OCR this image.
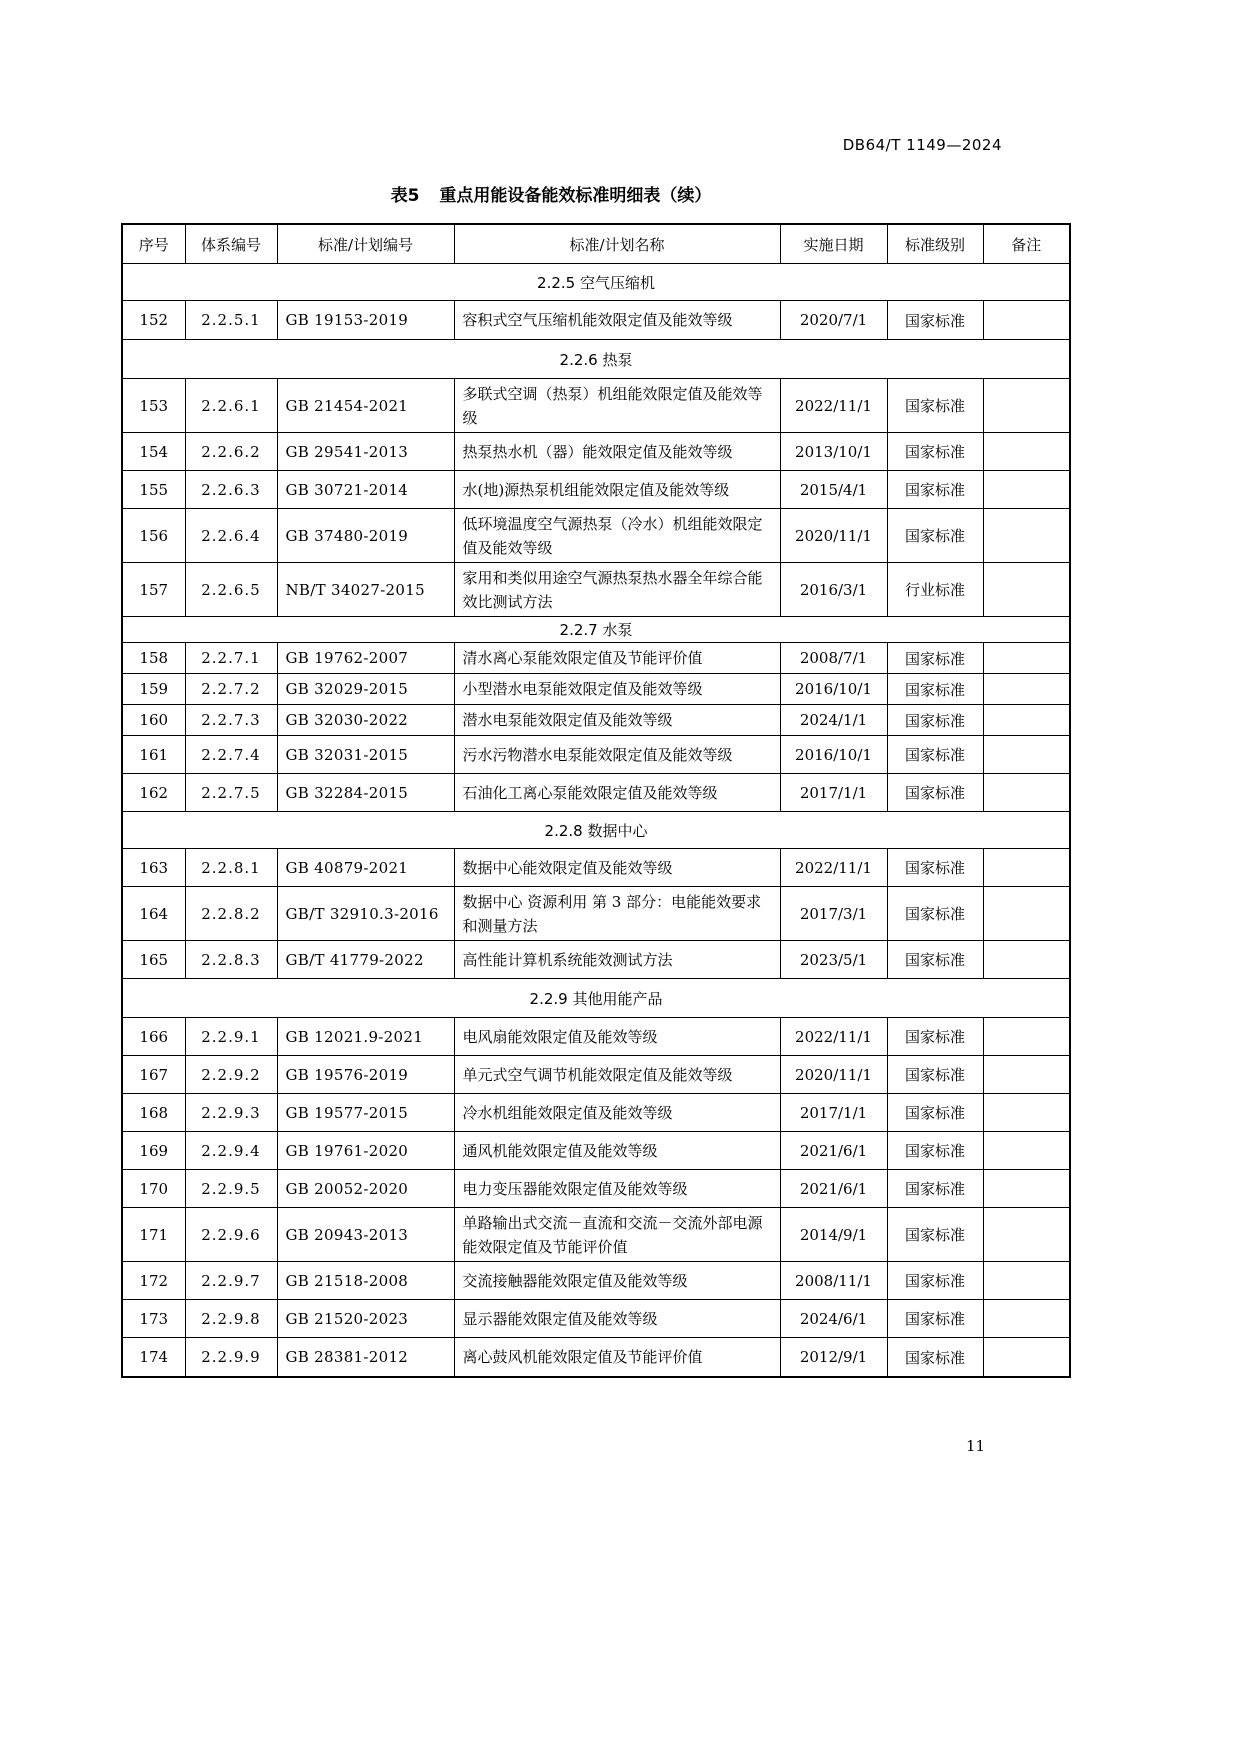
DB64/T 1149—2024
表5 重点用能设备能效标准明细表（续）
序号	体系编号	标准/计划编号	标准/计划名称	实施日期	标准级别	备注
2.2.5 空气压缩机						
152	2.2.5.1	GB 19153-2019	容积式空气压缩机能效限定值及能效等级	2020/7/1	国家标准	
2.2.6 热泵						
153	2.2.6.1	GB 21454-2021	多联式空调（热泵）机组能效限定值及能效等级	2022/11/1	国家标准	
154	2.2.6.2	GB 29541-2013	热泵热水机（器）能效限定值及能效等级	2013/10/1	国家标准	
155	2.2.6.3	GB 30721-2014	水(地)源热泵机组能效限定值及能效等级	2015/4/1	国家标准	
156	2.2.6.4	GB 37480-2019	低环境温度空气源热泵（冷水）机组能效限定值及能效等级	2020/11/1	国家标准	
157	2.2.6.5	NB/T 34027-2015	家用和类似用途空气源热泵热水器全年综合能效比测试方法	2016/3/1	行业标准	
2.2.7 水泵						
158	2.2.7.1	GB 19762-2007	清水离心泵能效限定值及节能评价值	2008/7/1	国家标准	
159	2.2.7.2	GB 32029-2015	小型潜水电泵能效限定值及能效等级	2016/10/1	国家标准	
160	2.2.7.3	GB 32030-2022	潜水电泵能效限定值及能效等级	2024/1/1	国家标准	
161	2.2.7.4	GB 32031-2015	污水污物潜水电泵能效限定值及能效等级	2016/10/1	国家标准	
162	2.2.7.5	GB 32284-2015	石油化工离心泵能效限定值及能效等级	2017/1/1	国家标准	
2.2.8 数据中心						
163	2.2.8.1	GB 40879-2021	数据中心能效限定值及能效等级	2022/11/1	国家标准	
164	2.2.8.2	GB/T 32910.3-2016	数据中心 资源利用 第 3 部分：电能能效要求和测量方法	2017/3/1	国家标准	
165	2.2.8.3	GB/T 41779-2022	高性能计算机系统能效测试方法	2023/5/1	国家标准	
2.2.9 其他用能产品						
166	2.2.9.1	GB 12021.9-2021	电风扇能效限定值及能效等级	2022/11/1	国家标准	
167	2.2.9.2	GB 19576-2019	单元式空气调节机能效限定值及能效等级	2020/11/1	国家标准	
168	2.2.9.3	GB 19577-2015	冷水机组能效限定值及能效等级	2017/1/1	国家标准	
169	2.2.9.4	GB 19761-2020	通风机能效限定值及能效等级	2021/6/1	国家标准	
170	2.2.9.5	GB 20052-2020	电力变压器能效限定值及能效等级	2021/6/1	国家标准	
171	2.2.9.6	GB 20943-2013	单路输出式交流－直流和交流－交流外部电源能效限定值及节能评价值	2014/9/1	国家标准	
172	2.2.9.7	GB 21518-2008	交流接触器能效限定值及能效等级	2008/11/1	国家标准	
173	2.2.9.8	GB 21520-2023	显示器能效限定值及能效等级	2024/6/1	国家标准	
174	2.2.9.9	GB 28381-2012	离心鼓风机能效限定值及节能评价值	2012/9/1	国家标准	
11
